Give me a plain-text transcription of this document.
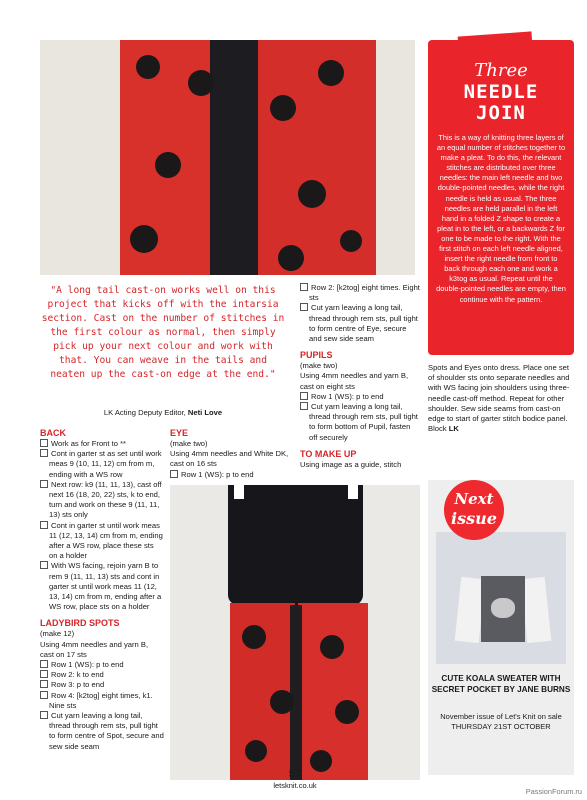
Three
NEEDLE
JOIN
This is a way of knitting three layers of an equal number of stitches together to make a pleat. To do this, the relevant stitches are distributed over three needles: the main left needle and two double-pointed needles, while the right needle is held as usual. The three needles are held parallel in the left hand in a folded Z shape to create a pleat in to the left, or a backwards Z for one to be made to the right. With the first stitch on each left needle aligned, insert the right needle from front to back through each one and work a k3tog as usual. Repeat until the double-pointed needles are empty, then continue with the pattern.
"A long tail cast-on works well on this project that kicks off with the intarsia section. Cast on the number of stitches in the first colour as normal, then simply pick up your next colour and work with that. You can weave in the tails and neaten up the cast-on edge at the end."
LK Acting Deputy Editor, Neti Love
BACK
Work as for Front to **
Cont in garter st as set until work meas 9 (10, 11, 12) cm from m, ending with a WS row
Next row: k9 (11, 11, 13), cast off next 16 (18, 20, 22) sts, k to end, turn and work on these 9 (11, 11, 13) sts only
Cont in garter st until work meas 11 (12, 13, 14) cm from m, ending after a WS row, place these sts on a holder
With WS facing, rejoin yarn B to rem 9 (11, 11, 13) sts and cont in garter st until work meas 11 (12, 13, 14) cm from m, ending after a WS row, place sts on a holder
LADYBIRD SPOTS
(make 12)
Using 4mm needles and yarn B, cast on 17 sts
Row 1 (WS): p to end
Row 2: k to end
Row 3: p to end
Row 4: [k2tog] eight times, k1. Nine sts
Cut yarn leaving a long tail, thread through rem sts, pull tight to form centre of Spot, secure and sew side seam
EYE
(make two)
Using 4mm needles and White DK, cast on 16 sts
Row 1 (WS): p to end
Row 2: [k2tog] eight times. Eight sts
Cut yarn leaving a long tail, thread through rem sts, pull tight to form centre of Eye, secure and sew side seam
PUPILS
(make two)
Using 4mm needles and yarn B, cast on eight sts
Row 1 (WS): p to end
Cut yarn leaving a long tail, thread through rem sts, pull tight to form bottom of Pupil, fasten off securely
TO MAKE UP
Using image as a guide, stitch
Spots and Eyes onto dress. Place one set of shoulder sts onto separate needles and with WS facing join shoulders using three-needle cast-off method. Repeat for other shoulder. Sew side seams from cast-on edge to start of garter stitch bodice panel. Block LK
Next
issue
CUTE KOALA SWEATER WITH SECRET POCKET BY JANE BURNS
November issue of Let's Knit on sale THURSDAY 21ST OCTOBER
57
letsknit.co.uk
PassionForum.ru
